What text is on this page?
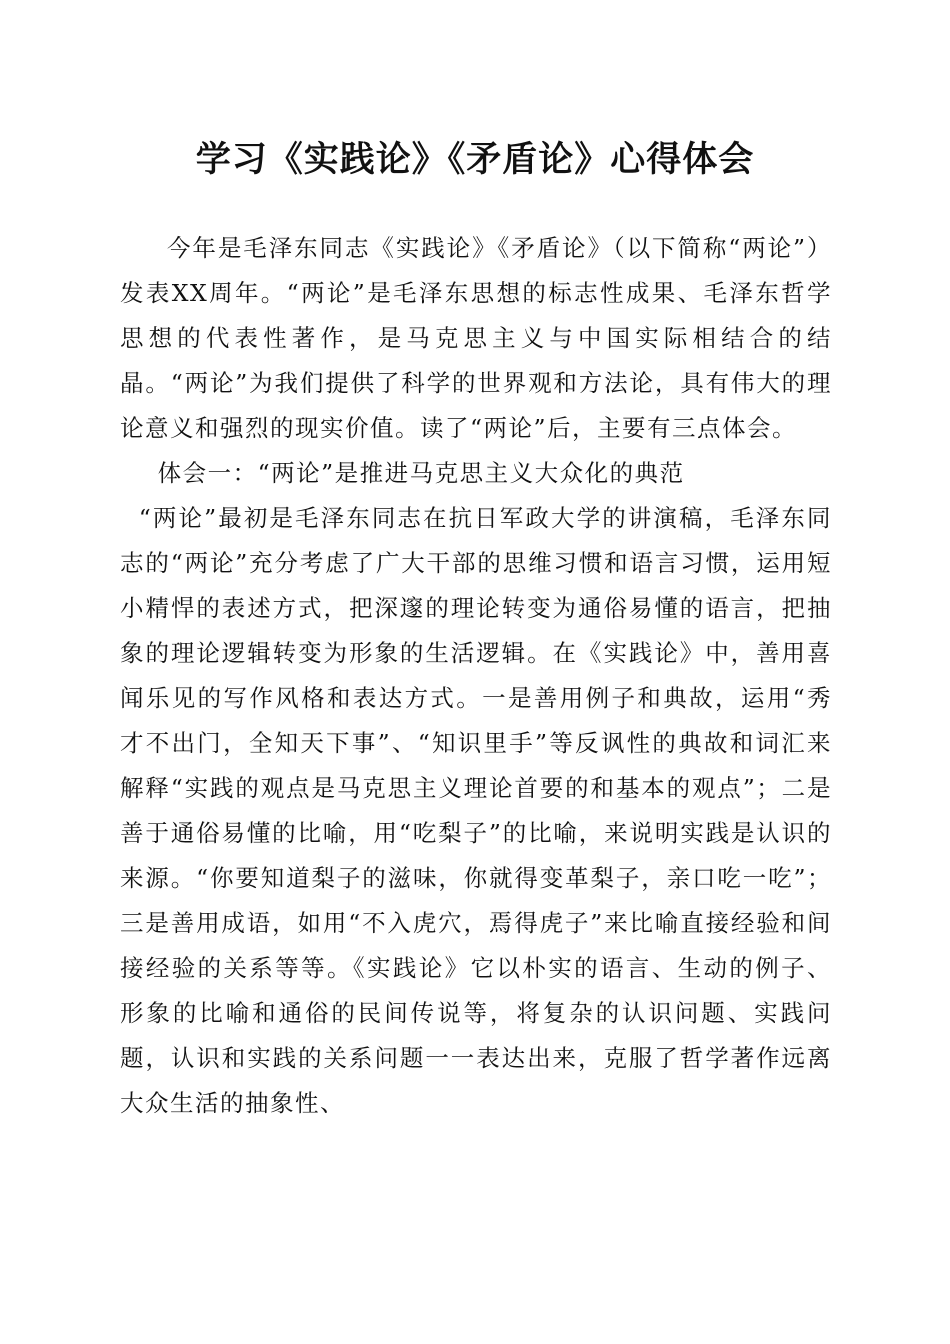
学习《实践论》《矛盾论》心得体会

今年是毛泽东同志《实践论》《矛盾论》（以下简称“两论”）发表XX周年。“两论”是毛泽东思想的标志性成果、毛泽东哲学思想的代表性著作，是马克思主义与中国实际相结合的结晶。“两论”为我们提供了科学的世界观和方法论，具有伟大的理论意义和强烈的现实价值。读了“两论”后，主要有三点体会。

体会一：“两论”是推进马克思主义大众化的典范

“两论”最初是毛泽东同志在抗日军政大学的讲演稿，毛泽东同志的“两论”充分考虑了广大干部的思维习惯和语言习惯，运用短小精悍的表述方式，把深邃的理论转变为通俗易懂的语言，把抽象的理论逻辑转变为形象的生活逻辑。在《实践论》中，善用喜闻乐见的写作风格和表达方式。一是善用例子和典故，运用“秀才不出门，全知天下事”、“知识里手”等反讽性的典故和词汇来解释“实践的观点是马克思主义理论首要的和基本的观点”；二是善于通俗易懂的比喻，用“吃梨子”的比喻，来说明实践是认识的来源。“你要知道梨子的滋味，你就得变革梨子，亲口吃一吃”；三是善用成语，如用“不入虎穴，焉得虎子”来比喻直接经验和间接经验的关系等等。《实践论》它以朴实的语言、生动的例子、形象的比喻和通俗的民间传说等，将复杂的认识问题、实践问题，认识和实践的关系问题一一表达出来，克服了哲学著作远离大众生活的抽象性、
